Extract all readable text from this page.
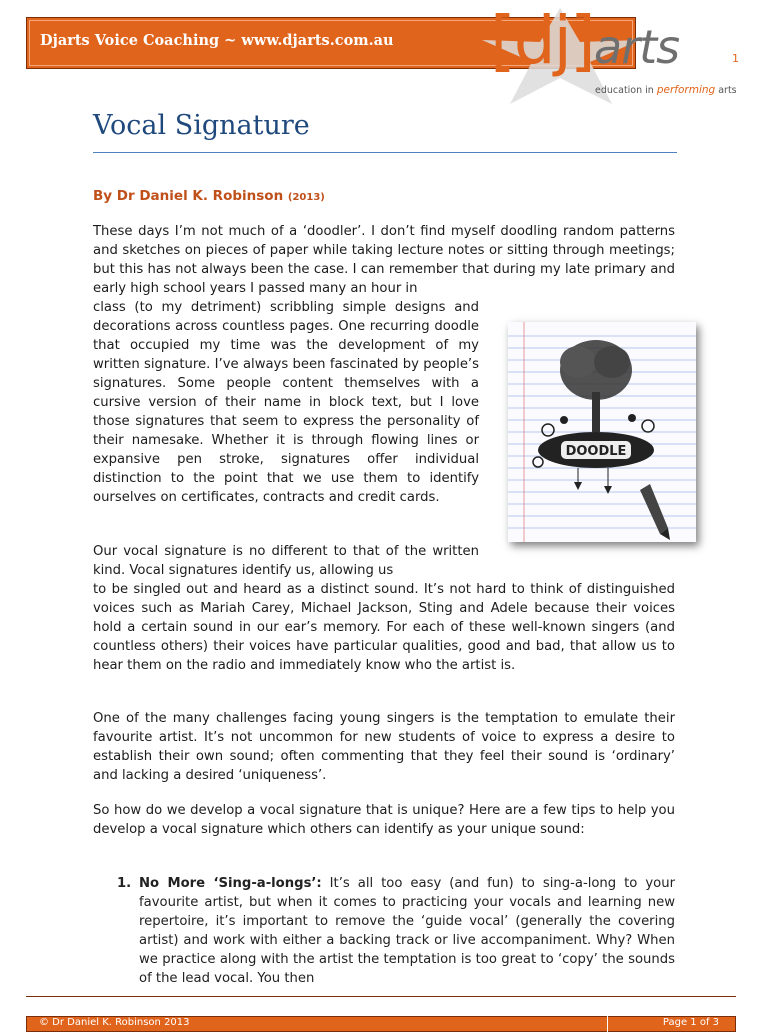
Djarts Voice Coaching ~ www.djarts.com.au [dj] arts	1
education in performing arts
Vocal Signature
By Dr Daniel K. Robinson (2013)
These days I’m not much of a ‘doodler’. I don’t find myself doodling random patterns and sketches on pieces of paper while taking lecture notes or sitting through meetings; but this has not always been the case. I can remember that during my late primary and early high school years I passed many an hour in
class (to my detriment) scribbling simple designs and decorations across countless pages. One recurring doodle that occupied my time was the development of my written signature. I’ve always been fascinated by people’s signatures. Some people content themselves with a cursive version of their name in block text, but I love those signatures that seem to express the personality of their namesake. Whether it is through flowing lines or expansive pen stroke, signatures offer individual distinction to the point that we use them to identify ourselves on certificates, contracts and credit cards.
DOODLE
Our vocal signature is no different to that of the written kind. Vocal signatures identify us, allowing us
to be singled out and heard as a distinct sound. It’s not hard to think of distinguished voices such as Mariah Carey, Michael Jackson, Sting and Adele because their voices hold a certain sound in our ear’s memory. For each of these well-known singers (and countless others) their voices have particular qualities, good and bad, that allow us to hear them on the radio and immediately know who the artist is.
One of the many challenges facing young singers is the temptation to emulate their favourite artist. It’s not uncommon for new students of voice to express a desire to establish their own sound; often commenting that they feel their sound is ‘ordinary’ and lacking a desired ‘uniqueness’.
So how do we develop a vocal signature that is unique? Here are a few tips to help you develop a vocal signature which others can identify as your unique sound:
1. No More ‘Sing-a-longs’: It’s all too easy (and fun) to sing-a-long to your favourite artist, but when it comes to practicing your vocals and learning new repertoire, it’s important to remove the ‘guide vocal’ (generally the covering artist) and work with either a backing track or live accompaniment. Why? When we practice along with the artist the temptation is too great to ‘copy’ the sounds of the lead vocal. You then
© Dr Daniel K. Robinson 2013	Page 1 of 3
